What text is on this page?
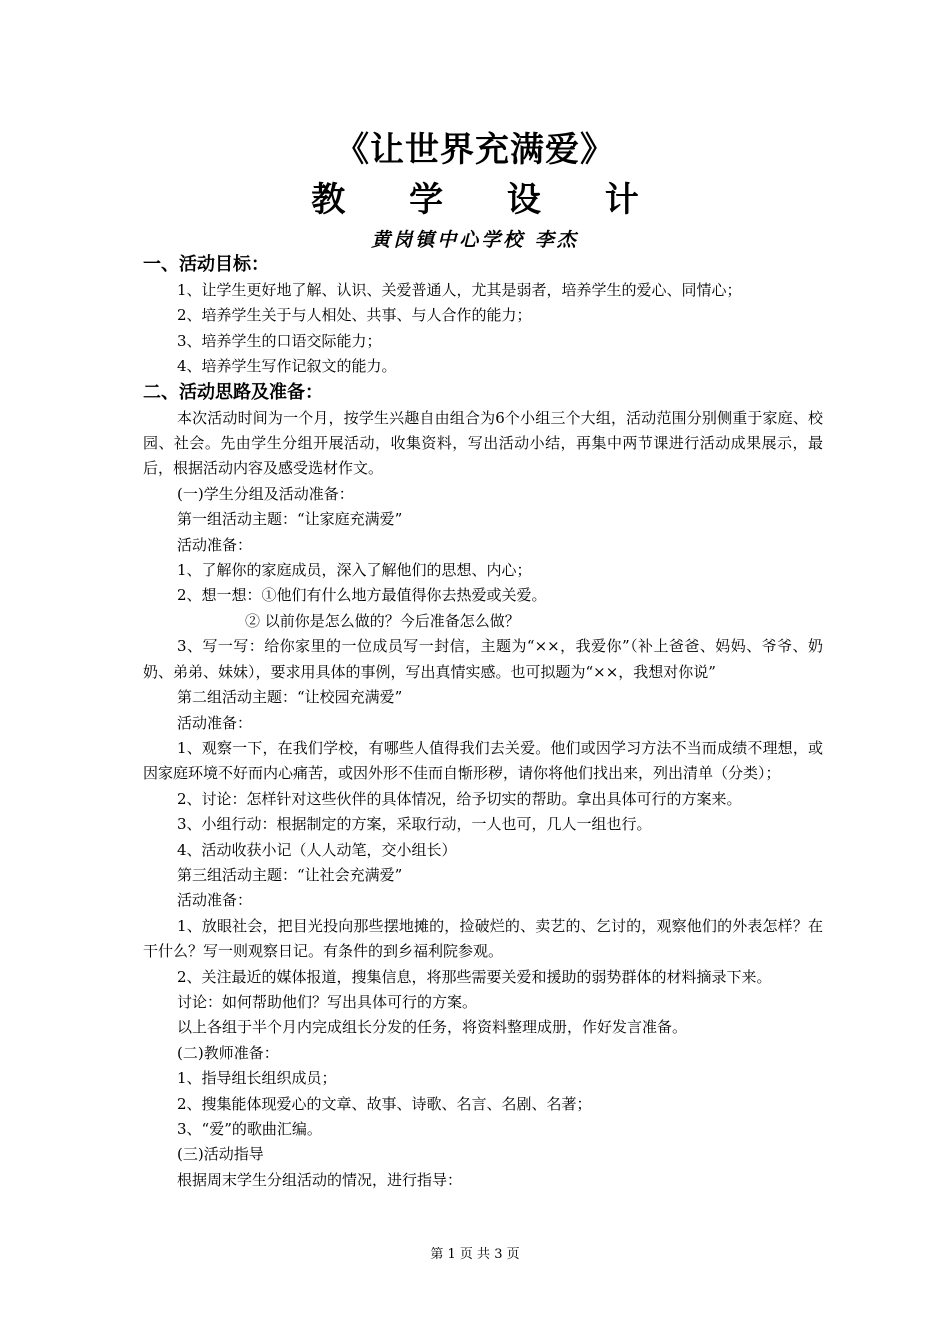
《让世界充满爱》
教 学 设 计
黄岗镇中心学校 李杰
一、活动目标：
1、让学生更好地了解、认识、关爱普通人，尤其是弱者，培养学生的爱心、同情心；
2、培养学生关于与人相处、共事、与人合作的能力；
3、培养学生的口语交际能力；
4、培养学生写作记叙文的能力。
二、活动思路及准备：
本次活动时间为一个月，按学生兴趣自由组合为6个小组三个大组，活动范围分别侧重于家庭、校园、社会。先由学生分组开展活动，收集资料，写出活动小结，再集中两节课进行活动成果展示，最后，根据活动内容及感受选材作文。
(一)学生分组及活动准备：
第一组活动主题：“让家庭充满爱”
活动准备：
1、了解你的家庭成员，深入了解他们的思想、内心；
2、想一想：①他们有什么地方最值得你去热爱或关爱。
② 以前你是怎么做的？今后准备怎么做？
3、写一写：给你家里的一位成员写一封信，主题为“××，我爱你”（补上爸爸、妈妈、爷爷、奶奶、弟弟、妹妹），要求用具体的事例，写出真情实感。也可拟题为“××，我想对你说”
第二组活动主题：“让校园充满爱”
活动准备：
1、观察一下，在我们学校，有哪些人值得我们去关爱。他们或因学习方法不当而成绩不理想，或因家庭环境不好而内心痛苦，或因外形不佳而自惭形秽，请你将他们找出来，列出清单（分类）；
2、讨论：怎样针对这些伙伴的具体情况，给予切实的帮助。拿出具体可行的方案来。
3、小组行动：根据制定的方案，采取行动，一人也可，几人一组也行。
4、活动收获小记（人人动笔，交小组长）
第三组活动主题：“让社会充满爱”
活动准备：
1、放眼社会，把目光投向那些摆地摊的，捡破烂的、卖艺的、乞讨的，观察他们的外表怎样？在干什么？写一则观察日记。有条件的到乡福利院参观。
2、关注最近的媒体报道，搜集信息，将那些需要关爱和援助的弱势群体的材料摘录下来。
讨论：如何帮助他们？写出具体可行的方案。
以上各组于半个月内完成组长分发的任务，将资料整理成册，作好发言准备。
(二)教师准备：
1、指导组长组织成员；
2、搜集能体现爱心的文章、故事、诗歌、名言、名剧、名著；
3、“爱”的歌曲汇编。
(三)活动指导
根据周末学生分组活动的情况，进行指导：
第 1 页 共 3 页
